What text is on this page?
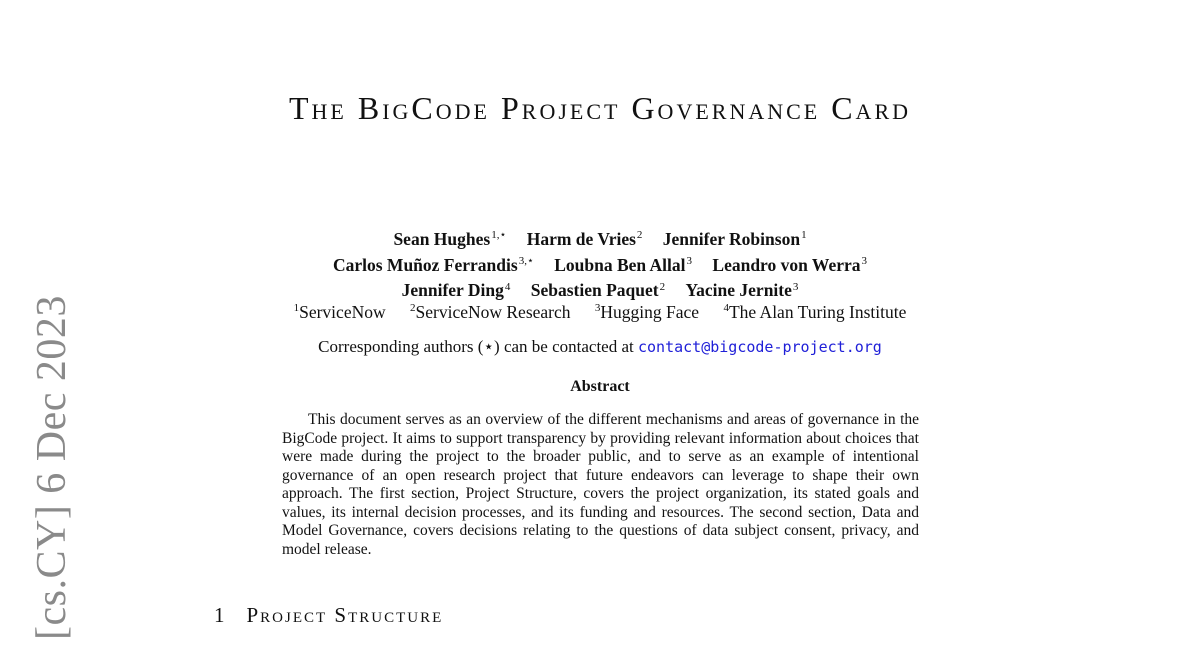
[cs.CY] 6 Dec 2023
The BigCode Project Governance Card
Sean Hughes$^{1,⋆}$ Harm de Vries$^2$ Jennifer Robinson$^1$
Carlos Muñoz Ferrandis$^{3,⋆}$ Loubna Ben Allal$^3$ Leandro von Werra$^3$
Jennifer Ding$^4$ Sebastien Paquet$^2$ Yacine Jernite$^3$
$^1$ServiceNow $^2$ServiceNow Research $^3$Hugging Face $^4$The Alan Turing Institute
Corresponding authors (⋆) can be contacted at contact@bigcode-project.org
Abstract
This document serves as an overview of the different mechanisms and areas of governance in the BigCode project. It aims to support transparency by providing relevant information about choices that were made during the project to the broader public, and to serve as an example of intentional governance of an open research project that future endeavors can leverage to shape their own approach. The first section, Project Structure, covers the project organization, its stated goals and values, its internal decision processes, and its funding and resources. The second section, Data and Model Governance, covers decisions relating to the questions of data subject consent, privacy, and model release.
1 Project Structure
